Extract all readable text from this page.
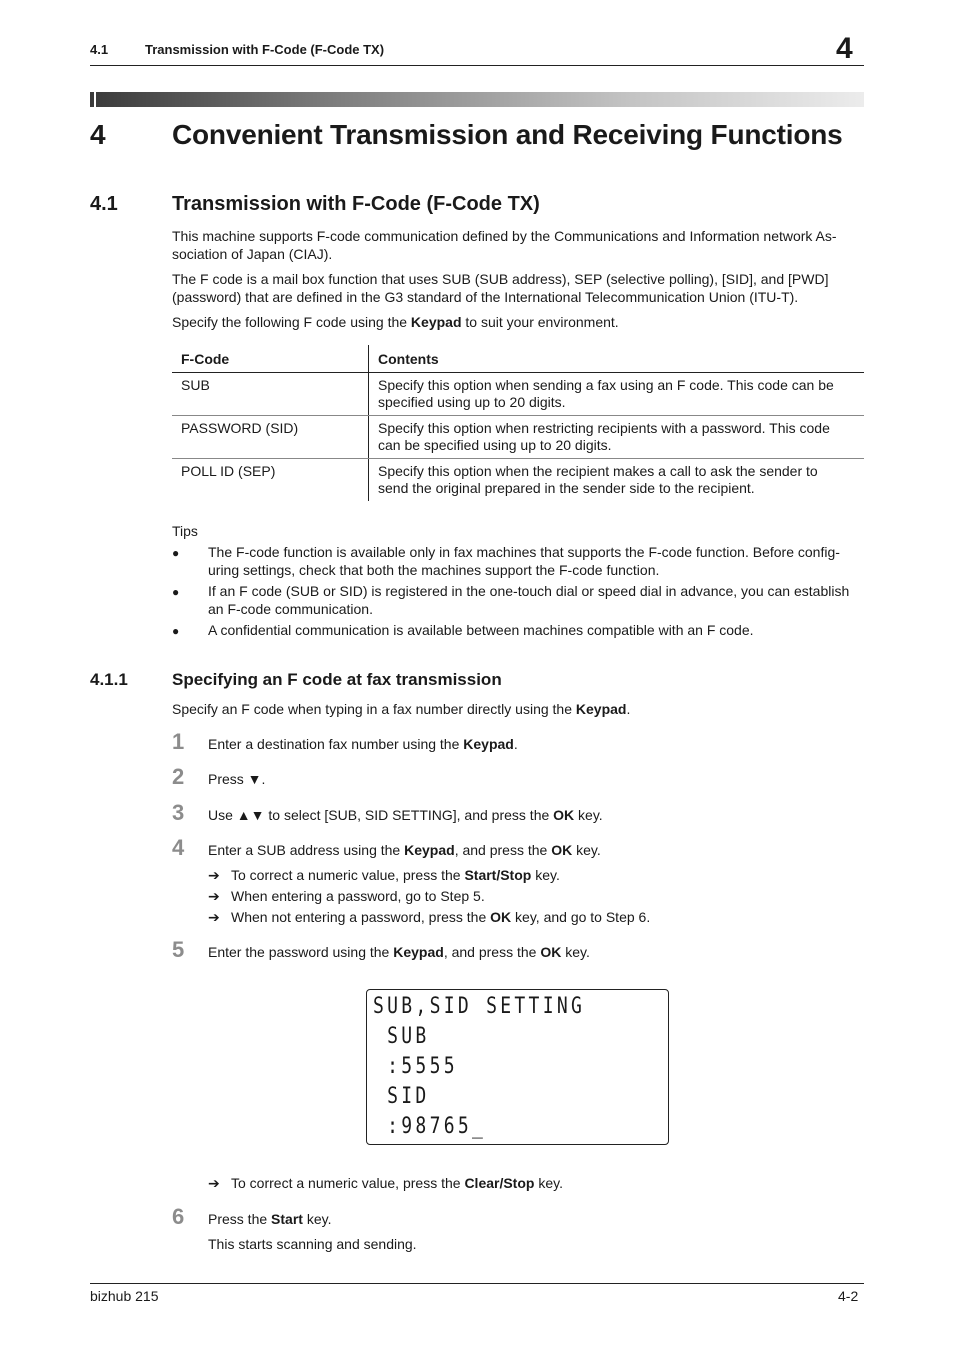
4.1	Transmission with F-Code (F-Code TX)	4
4 Convenient Transmission and Receiving Functions
4.1	Transmission with F-Code (F-Code TX)
This machine supports F-code communication defined by the Communications and Information network As-
sociation of Japan (CIAJ).
The F code is a mail box function that uses SUB (SUB address), SEP (selective polling), [SID], and [PWD]
(password) that are defined in the G3 standard of the International Telecommunication Union (ITU-T).
Specify the following F code using the Keypad to suit your environment.
F-Code	Contents
SUB	Specify this option when sending a fax using an F code. This code can be
specified using up to 20 digits.

PASSWORD (SID)	Specify this option when restricting recipients with a password. This code
can be specified using up to 20 digits.

POLL ID (SEP)	Specify this option when the recipient makes a call to ask the sender to
send the original prepared in the sender side to the recipient.
Tips
● The F-code function is available only in fax machines that supports the F-code function. Before config-
uring settings, check that both the machines support the F-code function.
● If an F code (SUB or SID) is registered in the one-touch dial or speed dial in advance, you can establish
an F-code communication.
● A confidential communication is available between machines compatible with an F code.
4.1.1	Specifying an F code at fax transmission
Specify an F code when typing in a fax number directly using the Keypad.
1 Enter a destination fax number using the Keypad.
2 Press ▼.
3 Use ▲▼ to select [SUB, SID SETTING], and press the OK key.
4 Enter a SUB address using the Keypad, and press the OK key.
➔ To correct a numeric value, press the Start/Stop key.
➔ When entering a password, go to Step 5.
➔ When not entering a password, press the OK key, and go to Step 6.
5 Enter the password using the Keypad, and press the OK key.
SUB,SID SETTING
SUB
:5555
SID
:98765_
➔ To correct a numeric value, press the Clear/Stop key.
6 Press the Start key.
This starts scanning and sending.
bizhub 215	4-2
